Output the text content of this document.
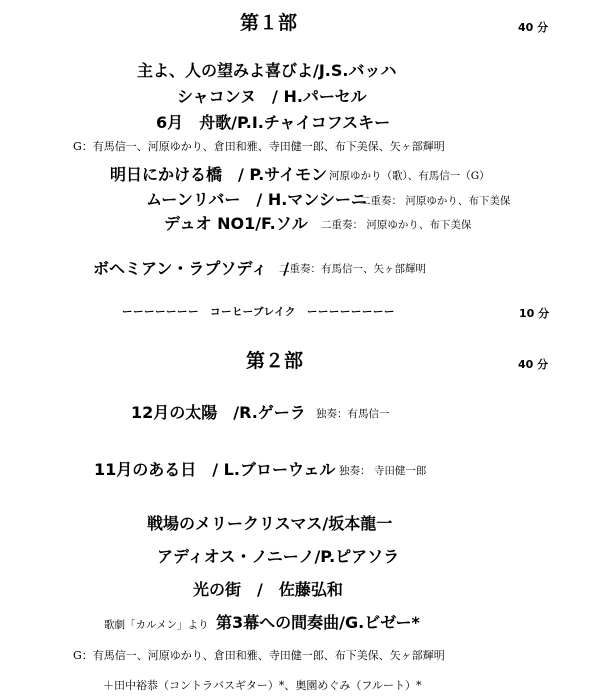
第１部	40 分
主よ、人の望みよ喜びよ/J.S.バッハ
シャコンヌ　/ H.パーセル
6月　舟歌/P.I.チャイコフスキー
G：有馬信一、河原ゆかり、倉田和雅、寺田健一郎、布下美保、矢ヶ部輝明
明日にかける橋　/ P.サイモン 河原ゆかり（歌）、有馬信一（G）
ムーンリバー　/ H.マンシーニ
二重奏： 河原ゆかり、布下美保
デュオ NO1/F.ソル 二重奏： 河原ゆかり、布下美保
ボヘミアン・ラプソディ　/
二重奏：有馬信一、矢ヶ部輝明
ーーーーーーー　コーヒーブレイク　ーーーーーーーー	10 分
第２部	40 分
12月の太陽　/R.ゲーラ 独奏：有馬信一
11月のある日　/ L.ブローウェル 独奏： 寺田健一郎
戦場のメリークリスマス/坂本龍一
アディオス・ノニーノ/P.ピアソラ
光の街　/　佐藤弘和
歌劇「カルメン」より 第3幕への間奏曲/G.ビゼー*
G：有馬信一、河原ゆかり、倉田和雅、寺田健一郎、布下美保、矢ヶ部輝明
＋田中裕恭（コントラバスギター）*、奥園めぐみ（フルート）*
